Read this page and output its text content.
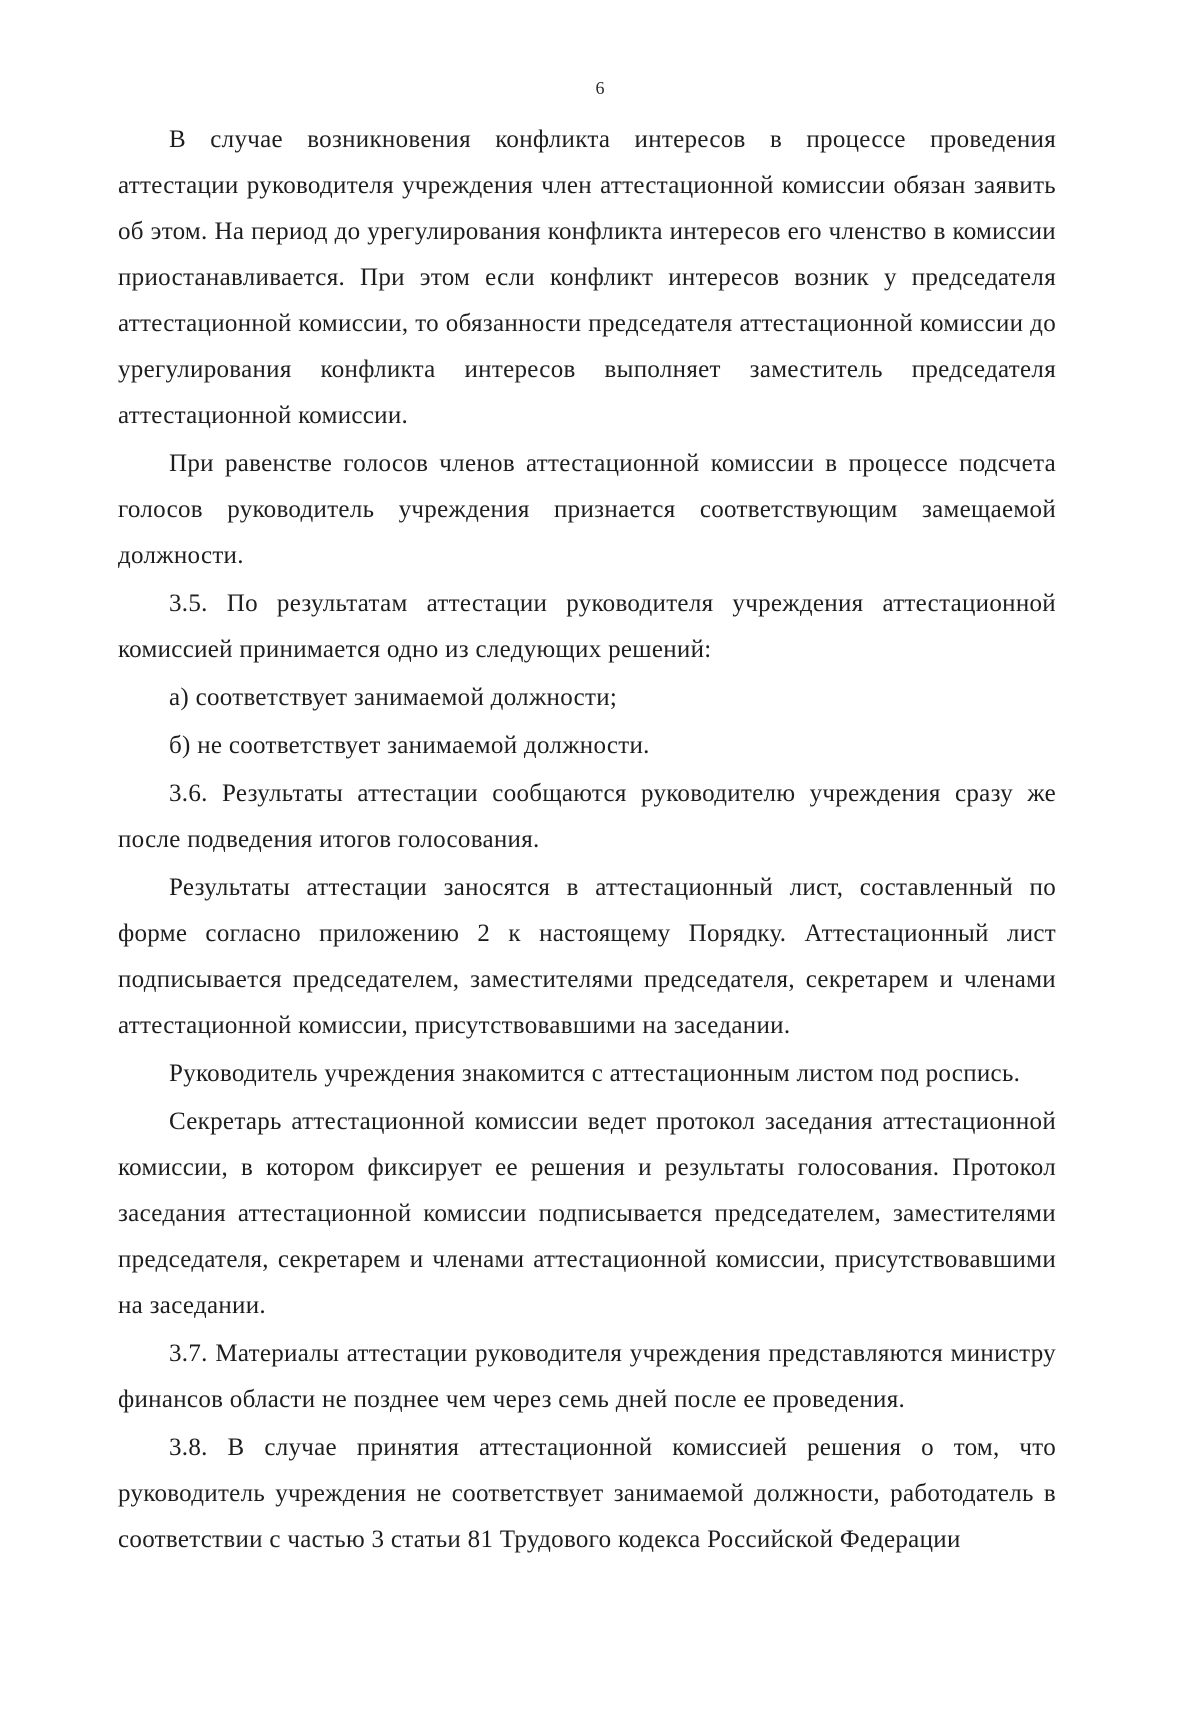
6

В случае возникновения конфликта интересов в процессе проведения аттестации руководителя учреждения член аттестационной комиссии обязан заявить об этом. На период до урегулирования конфликта интересов его членство в комиссии приостанавливается. При этом если конфликт интересов возник у председателя аттестационной комиссии, то обязанности председателя аттестационной комиссии до урегулирования конфликта интересов выполняет заместитель председателя аттестационной комиссии.

При равенстве голосов членов аттестационной комиссии в процессе подсчета голосов руководитель учреждения признается соответствующим замещаемой должности.

3.5. По результатам аттестации руководителя учреждения аттестационной комиссией принимается одно из следующих решений:

а) соответствует занимаемой должности;

б) не соответствует занимаемой должности.

3.6. Результаты аттестации сообщаются руководителю учреждения сразу же после подведения итогов голосования.

Результаты аттестации заносятся в аттестационный лист, составленный по форме согласно приложению 2 к настоящему Порядку. Аттестационный лист подписывается председателем, заместителями председателя, секретарем и членами аттестационной комиссии, присутствовавшими на заседании.

Руководитель учреждения знакомится с аттестационным листом под роспись.

Секретарь аттестационной комиссии ведет протокол заседания аттестационной комиссии, в котором фиксирует ее решения и результаты голосования. Протокол заседания аттестационной комиссии подписывается председателем, заместителями председателя, секретарем и членами аттестационной комиссии, присутствовавшими на заседании.

3.7. Материалы аттестации руководителя учреждения представляются министру финансов области не позднее чем через семь дней после ее проведения.

3.8. В случае принятия аттестационной комиссией решения о том, что руководитель учреждения не соответствует занимаемой должности, работодатель в соответствии с частью 3 статьи 81 Трудового кодекса Российской Федерации
